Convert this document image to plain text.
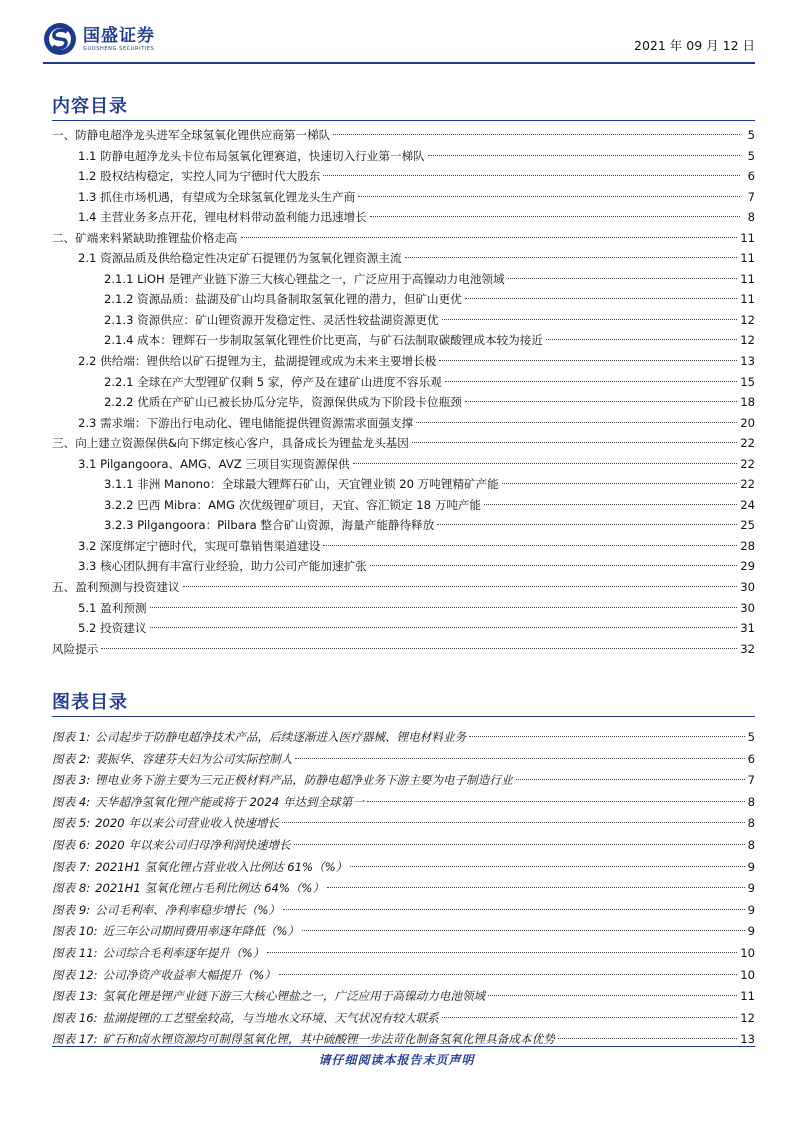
国盛证券
GUOSHENG SECURITIES	2021 年 09 月 12 日
内容目录
一、防静电超净龙头进军全球氢氧化锂供应商第一梯队	5
1.1 防静电超净龙头卡位布局氢氧化锂赛道，快速切入行业第一梯队	5
1.2 股权结构稳定，实控人同为宁德时代大股东	6
1.3 抓住市场机遇，有望成为全球氢氧化锂龙头生产商	7
1.4 主营业务多点开花，锂电材料带动盈利能力迅速增长	8
二、矿端来料紧缺助推锂盐价格走高	11
2.1 资源品质及供给稳定性决定矿石提锂仍为氢氧化锂资源主流	11
2.1.1 LiOH 是锂产业链下游三大核心锂盐之一，广泛应用于高镍动力电池领域	11
2.1.2 资源品质：盐湖及矿山均具备制取氢氧化锂的潜力，但矿山更优	11
2.1.3 资源供应：矿山锂资源开发稳定性、灵活性较盐湖资源更优	12
2.1.4 成本：锂辉石一步制取氢氧化锂性价比更高，与矿石法制取碳酸锂成本较为接近	12
2.2 供给端：锂供给以矿石提锂为主，盐湖提锂或成为未来主要增长极	13
2.2.1 全球在产大型锂矿仅剩 5 家，停产及在建矿山进度不容乐观	15
2.2.2 优质在产矿山已被长协瓜分完毕，资源保供成为下阶段卡位瓶颈	18
2.3 需求端：下游出行电动化、锂电储能提供锂资源需求面强支撑	20
三、向上建立资源保供&向下绑定核心客户，具备成长为锂盐龙头基因	22
3.1 Pilgangoora、AMG、AVZ 三项目实现资源保供	22
3.1.1 非洲 Manono：全球最大锂辉石矿山，天宜锂业锁 20 万吨锂精矿产能	22
3.2.2 巴西 Mibra：AMG 次优级锂矿项目，天宜、容汇锁定 18 万吨产能	24
3.2.3 Pilgangoora：Pilbara 整合矿山资源，海量产能静待释放	25
3.2 深度绑定宁德时代，实现可靠销售渠道建设	28
3.3 核心团队拥有丰富行业经验，助力公司产能加速扩张	29
五、盈利预测与投资建议	30
5.1 盈利预测	30
5.2 投资建议	31
风险提示	32
图表目录
图表 1: 公司起步于防静电超净技术产品，后续逐渐进入医疗器械、锂电材料业务	5
图表 2: 裴振华、容建芬夫妇为公司实际控制人	6
图表 3: 锂电业务下游主要为三元正极材料产品，防静电超净业务下游主要为电子制造行业	7
图表 4: 天华超净氢氧化锂产能或将于 2024 年达到全球第一	8
图表 5: 2020 年以来公司营业收入快速增长	8
图表 6: 2020 年以来公司归母净利润快速增长	8
图表 7: 2021H1 氢氧化锂占营业收入比例达 61%（%）	9
图表 8: 2021H1 氢氧化锂占毛利比例达 64%（%）	9
图表 9: 公司毛利率、净利率稳步增长（%）	9
图表 10: 近三年公司期间费用率逐年降低（%）	9
图表 11: 公司综合毛利率逐年提升（%）	10
图表 12: 公司净资产收益率大幅提升（%）	10
图表 13: 氢氧化锂是锂产业链下游三大核心锂盐之一，广泛应用于高镍动力电池领域	11
图表 16: 盐湖提锂的工艺壁垒较高，与当地水文环境、天气状况有较大联系	12
图表 17: 矿石和卤水锂资源均可制得氢氧化锂，其中硫酸锂一步法苛化制备氢氧化锂具备成本优势	13
请仔细阅读本报告末页声明
